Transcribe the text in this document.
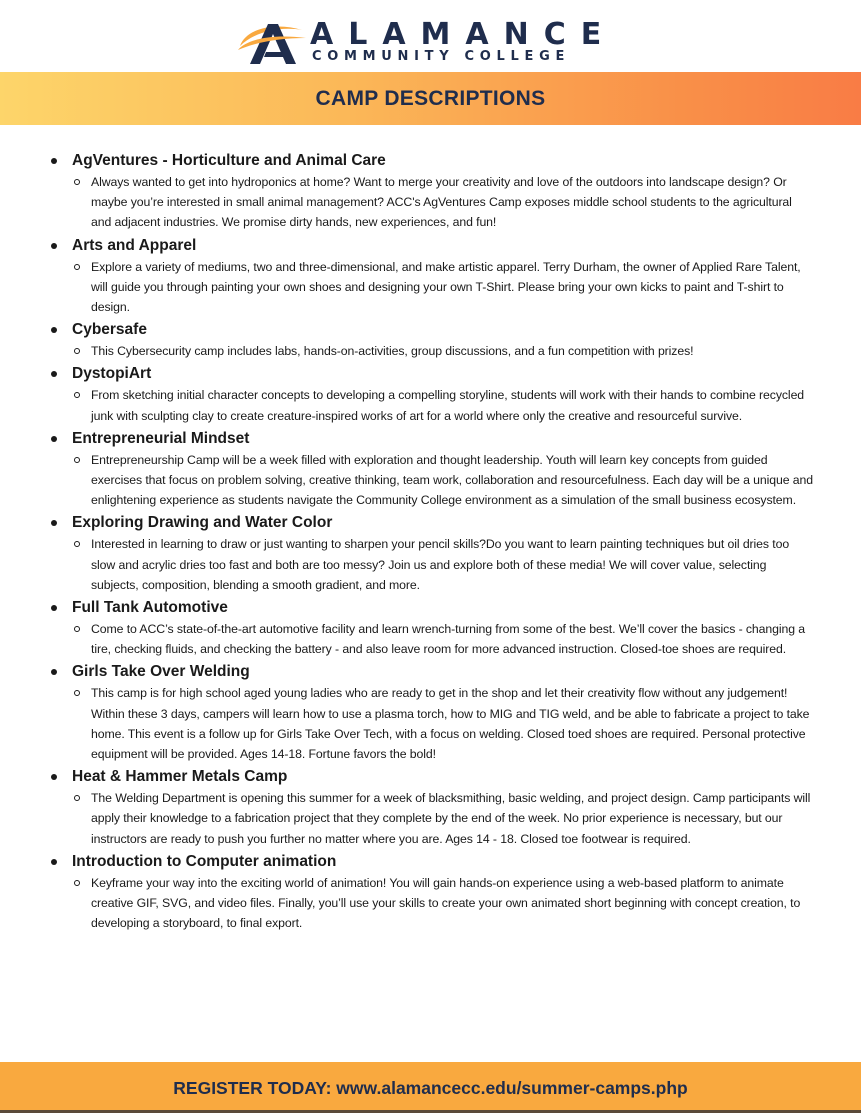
ALAMANCE
COMMUNITY COLLEGE
CAMP DESCRIPTIONS
AgVentures - Horticulture and Animal Care
Always wanted to get into hydroponics at home? Want to merge your creativity and love of the outdoors into landscape design? Or maybe you’re interested in small animal management? ACC's AgVentures Camp exposes middle school students to the agricultural and adjacent industries. We promise dirty hands, new experiences, and fun!
Arts and Apparel
Explore a variety of mediums, two and three-dimensional, and make artistic apparel. Terry Durham, the owner of Applied Rare Talent, will guide you through painting your own shoes and designing your own T-Shirt. Please bring your own kicks to paint and T-shirt to design.
Cybersafe
This Cybersecurity camp includes labs, hands-on-activities, group discussions, and a fun competition with prizes!
DystopiArt
From sketching initial character concepts to developing a compelling storyline, students will work with their hands to combine recycled junk with sculpting clay to create creature-inspired works of art for a world where only the creative and resourceful survive.
Entrepreneurial Mindset
Entrepreneurship Camp will be a week filled with exploration and thought leadership. Youth will learn key concepts from guided exercises that focus on problem solving, creative thinking, team work, collaboration and resourcefulness. Each day will be a unique and enlightening experience as students navigate the Community College environment as a simulation of the small business ecosystem.
Exploring Drawing and Water Color
Interested in learning to draw or just wanting to sharpen your pencil skills?Do you want to learn painting techniques but oil dries too slow and acrylic dries too fast and both are too messy? Join us and explore both of these media! We will cover value, selecting subjects, composition, blending a smooth gradient, and more.
Full Tank Automotive
Come to ACC’s state-of-the-art automotive facility and learn wrench-turning from some of the best. We’ll cover the basics - changing a tire, checking fluids, and checking the battery - and also leave room for more advanced instruction. Closed-toe shoes are required.
Girls Take Over Welding
This camp is for high school aged young ladies who are ready to get in the shop and let their creativity flow without any judgement! Within these 3 days, campers will learn how to use a plasma torch, how to MIG and TIG weld, and be able to fabricate a project to take home. This event is a follow up for Girls Take Over Tech, with a focus on welding. Closed toed shoes are required. Personal protective equipment will be provided. Ages 14-18. Fortune favors the bold!
Heat & Hammer Metals Camp
The Welding Department is opening this summer for a week of blacksmithing, basic welding, and project design. Camp participants will apply their knowledge to a fabrication project that they complete by the end of the week. No prior experience is necessary, but our instructors are ready to push you further no matter where you are. Ages 14 - 18. Closed toe footwear is required.
Introduction to Computer animation
Keyframe your way into the exciting world of animation! You will gain hands-on experience using a web-based platform to animate creative GIF, SVG, and video files. Finally, you’ll use your skills to create your own animated short beginning with concept creation, to developing a storyboard, to final export.
REGISTER TODAY: www.alamancecc.edu/summer-camps.php
